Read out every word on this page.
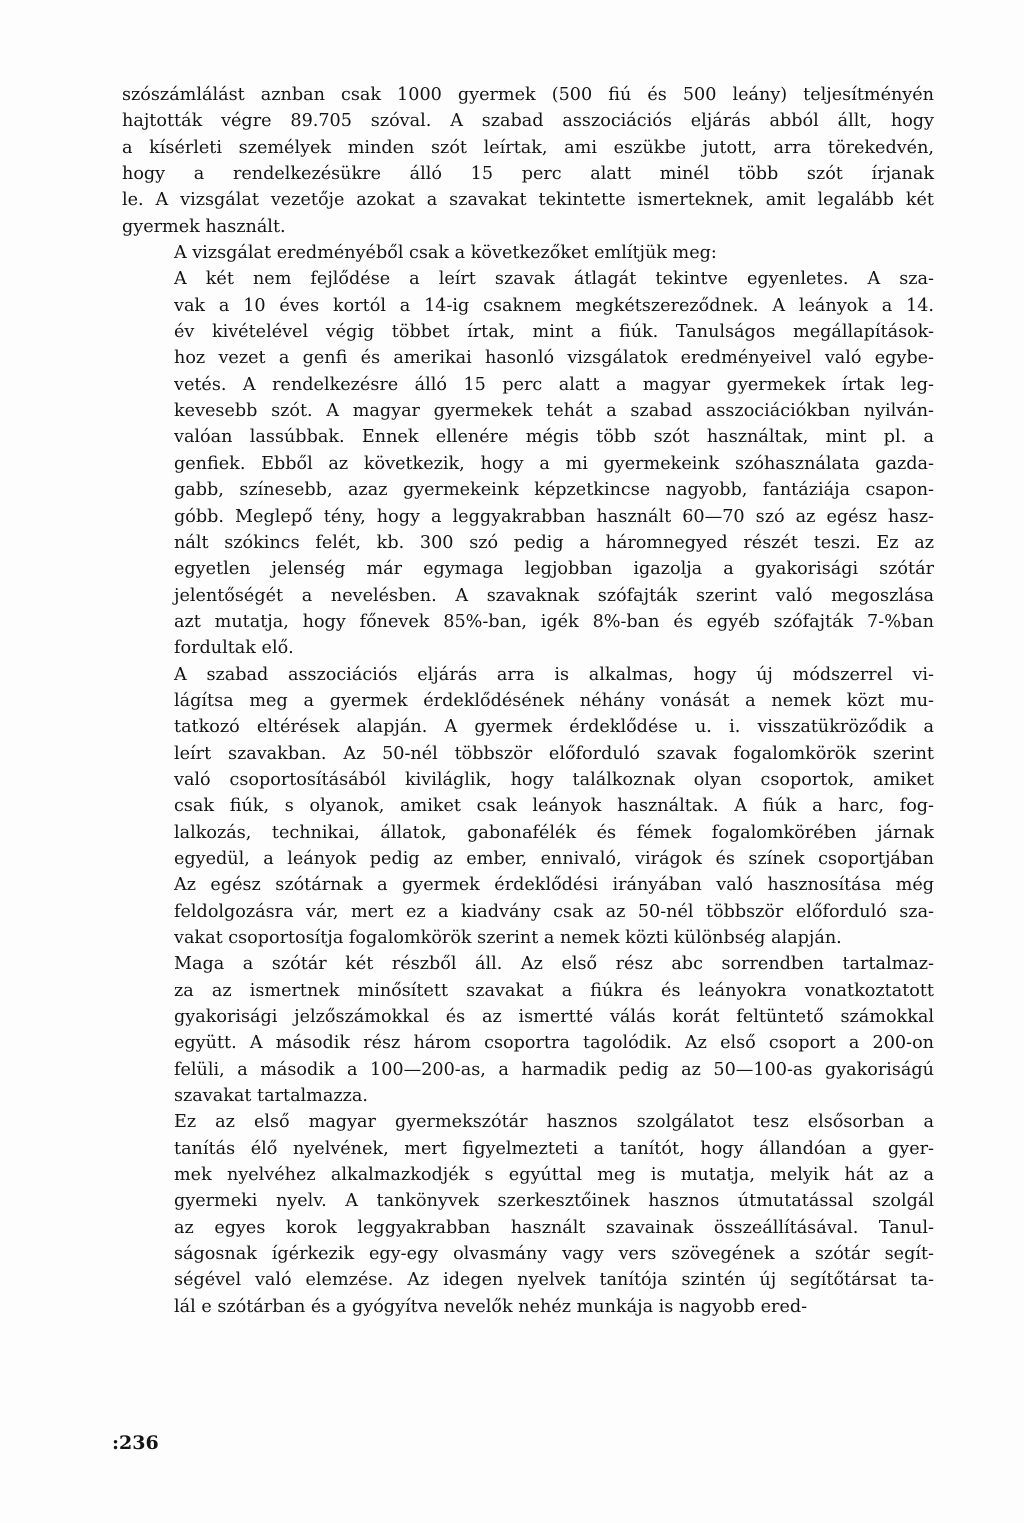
szószámlálást aznban csak 1000 gyermek (500 fiú és 500 leány) teljesítményén
hajtották végre 89.705 szóval. A szabad asszociációs eljárás abból állt, hogy
a kísérleti személyek minden szót leírtak, ami eszükbe jutott, arra törekedvén,
hogy a rendelkezésükre álló 15 perc alatt minél több szót írjanak
le. A vizsgálat vezetője azokat a szavakat tekintette ismerteknek, amit legalább két gyermek használt.
A vizsgálat eredményéből csak a következőket említjük meg:
A két nem fejlődése a leírt szavak átlagát tekintve egyenletes. A sza-
vak a 10 éves kortól a 14-ig csaknem megkétszereződnek. A leányok a 14.
év kivételével végig többet írtak, mint a fiúk. Tanulságos megállapítások-
hoz vezet a genfi és amerikai hasonló vizsgálatok eredményeivel való egybe-
vetés. A rendelkezésre álló 15 perc alatt a magyar gyermekek írtak leg-
kevesebb szót. A magyar gyermekek tehát a szabad asszociációkban nyilván-
valóan lassúbbak. Ennek ellenére mégis több szót használtak, mint pl. a
genfiek. Ebből az következik, hogy a mi gyermekeink szóhasználata gazda-
gabb, színesebb, azaz gyermekeink képzetkincse nagyobb, fantáziája csapon-
góbb. Meglepő tény, hogy a leggyakrabban használt 60—70 szó az egész hasz-
nált szókincs felét, kb. 300 szó pedig a háromnegyed részét teszi. Ez az
egyetlen jelenség már egymaga legjobban igazolja a gyakorisági szótár
jelentőségét a nevelésben. A szavaknak szófajták szerint való megoszlása
azt mutatja, hogy főnevek 85%-ban, igék 8%-ban és egyéb szófajták 7-%ban
fordultak elő.
A szabad asszociációs eljárás arra is alkalmas, hogy új módszerrel vi-
lágítsa meg a gyermek érdeklődésének néhány vonását a nemek közt mu-
tatkozó eltérések alapján. A gyermek érdeklődése u. i. visszatükröződik a
leírt szavakban. Az 50-nél többször előforduló szavak fogalomkörök szerint
való csoportosításából kiviláglik, hogy találkoznak olyan csoportok, amiket
csak fiúk, s olyanok, amiket csak leányok használtak. A fiúk a harc, fog-
lalkozás, technikai, állatok, gabonafélék és fémek fogalomkörében járnak
egyedül, a leányok pedig az ember, ennivaló, virágok és színek csoportjában
Az egész szótárnak a gyermek érdeklődési irányában való hasznosítása még
feldolgozásra vár, mert ez a kiadvány csak az 50-nél többször előforduló sza-
vakat csoportosítja fogalomkörök szerint a nemek közti különbség alapján.
Maga a szótár két részből áll. Az első rész abc sorrendben tartalmaz-
za az ismertnek minősített szavakat a fiúkra és leányokra vonatkoztatott
gyakorisági jelzőszámokkal és az ismertté válás korát feltüntető számokkal
együtt. A második rész három csoportra tagolódik. Az első csoport a 200-on
felüli, a második a 100—200-as, a harmadik pedig az 50—100-as gyakoriságú
szavakat tartalmazza.
Ez az első magyar gyermekszótár hasznos szolgálatot tesz elsősorban a
tanítás élő nyelvének, mert figyelmezteti a tanítót, hogy állandóan a gyer-
mek nyelvéhez alkalmazkodjék s egyúttal meg is mutatja, melyik hát az a
gyermeki nyelv. A tankönyvek szerkesztőinek hasznos útmutatással szolgál
az egyes korok leggyakrabban használt szavainak összeállításával. Tanul-
ságosnak ígérkezik egy-egy olvasmány vagy vers szövegének a szótár segít-
ségével való elemzése. Az idegen nyelvek tanítója szintén új segítőtársat ta-
lál e szótárban és a gyógyítva nevelők nehéz munkája is nagyobb ered-
:236
